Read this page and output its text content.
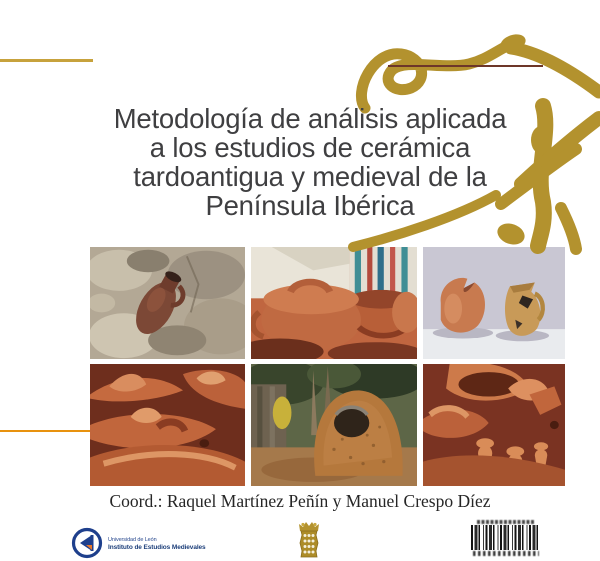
Metodología de análisis aplicada
a los estudios de cerámica
tardoantigua y medieval de la
Península Ibérica
Coord.: Raquel Martínez Peñín y Manuel Crespo Díez
Universidad de León
Instituto de Estudios Medievales
